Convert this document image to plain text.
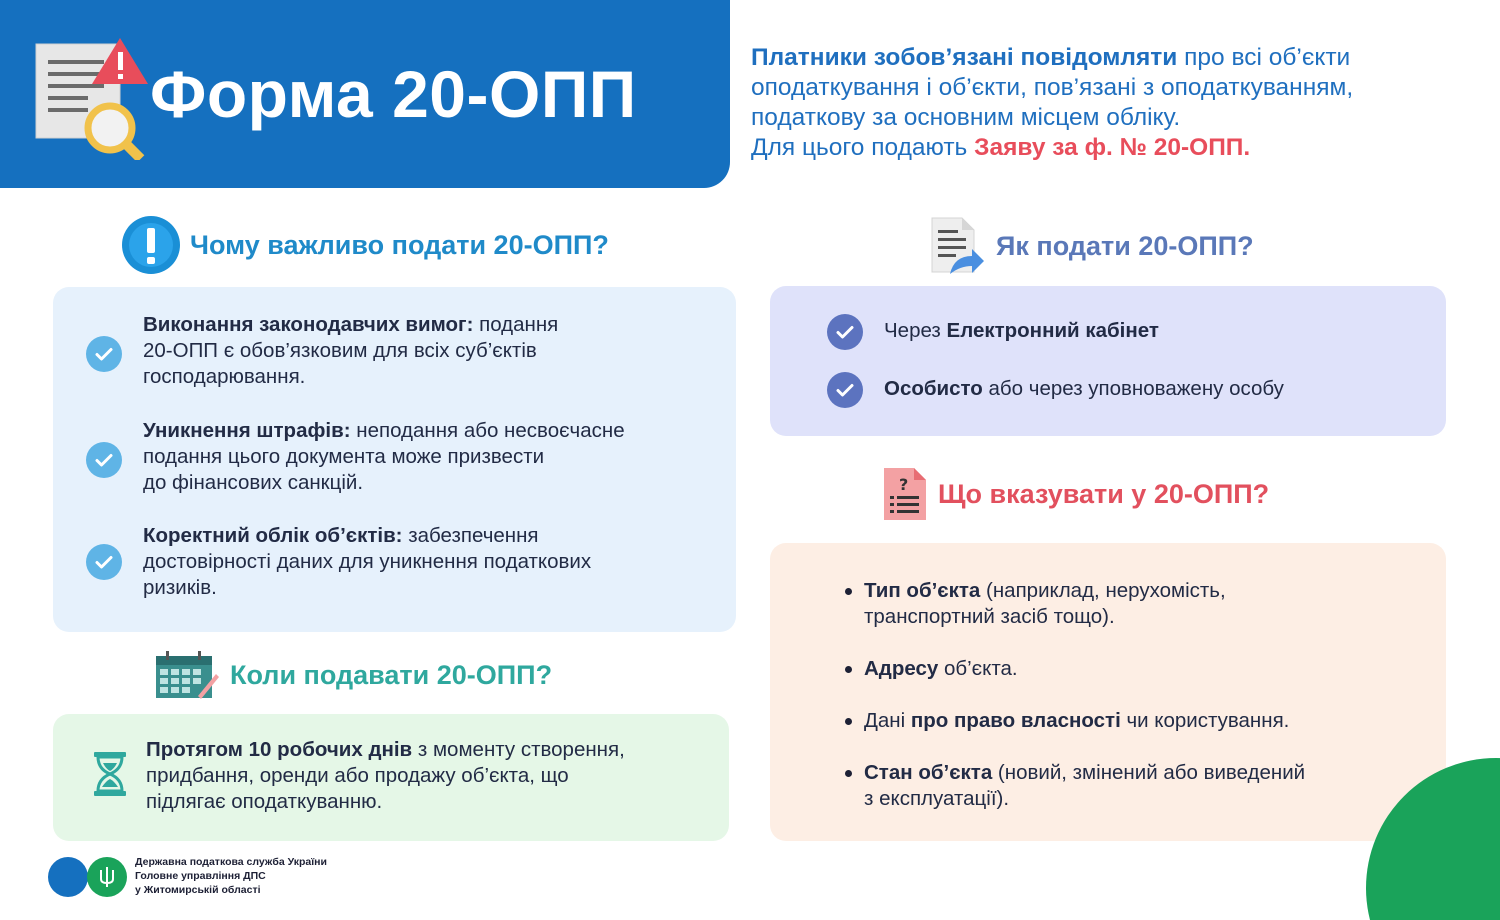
Форма 20-ОПП	Платники зобов’язані повідомляти про всі об’єкти
оподаткування і об’єкти, пов’язані з оподаткуванням,
податкову за основним місцем обліку.
Для цього подають Заяву за ф. № 20-ОПП.
Чому важливо подати 20-ОПП?
Виконання законодавчих вимог: подання
20-ОПП є обов’язковим для всіх суб’єктів
господарювання.
Уникнення штрафів: неподання або несвоєчасне
подання цього документа може призвести
до фінансових санкцій.
Коректний облік об’єктів: забезпечення
достовірності даних для уникнення податкових
ризиків.
Як подати 20-ОПП?
Через Електронний кабінет
Особисто або через уповноважену особу
? Що вказувати у 20-ОПП?
Тип об’єкта (наприклад, нерухомість,
транспортний засіб тощо).
Адресу об’єкта.
Дані про право власності чи користування.
Стан об’єкта (новий, змінений або виведений
з експлуатації).
Коли подавати 20-ОПП?
Протягом 10 робочих днів з моменту створення,
придбання, оренди або продажу об’єкта, що
підлягає оподаткуванню.
Державна податкова служба України
Головне управління ДПС
у Житомирській області
